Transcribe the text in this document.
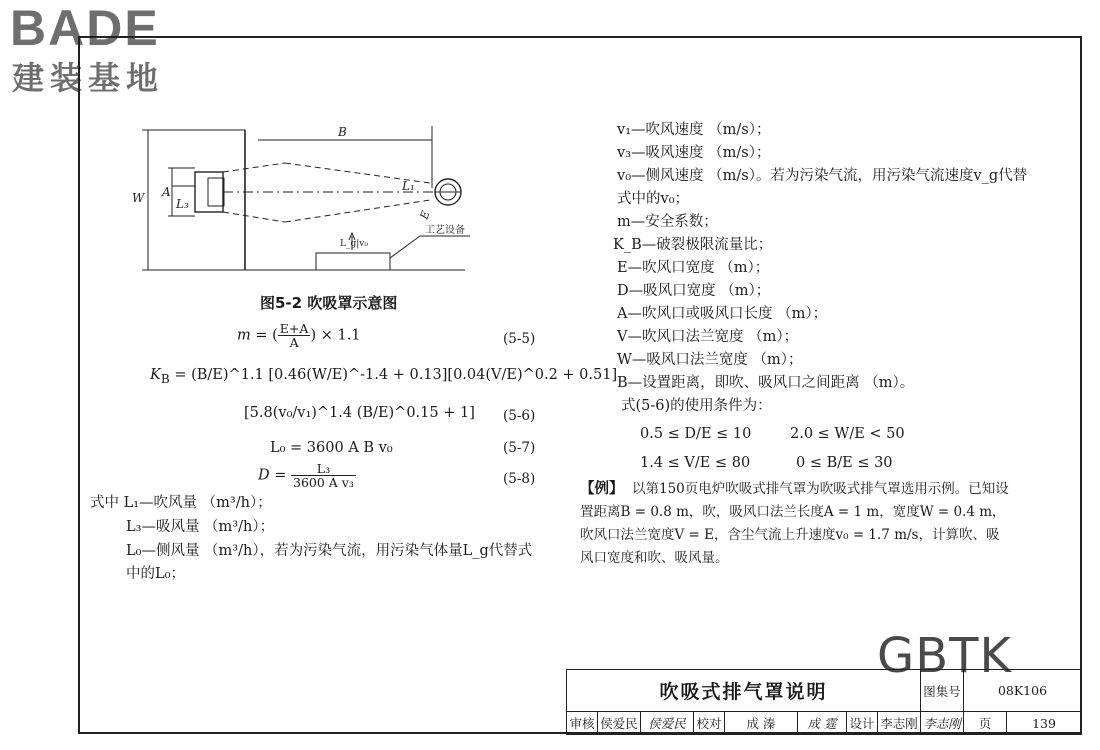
BADE
建装基地
W
B
A
L₃
L₁
E
L_g|v₀
工艺设备
图5-2 吹吸罩示意图
m = ( $\frac{E+A}{A}$ ) × 1.1	(5-5)
$K_B$ = (B/E)^1.1 [0.46(W/E)^-1.4 + 0.13][0.04(V/E)^0.2 + 0.51]
[5.8(v₀/v₁)^1.4 (B/E)^0.15 + 1] (5-6)
L₀ = 3600 A B v₀	(5-7)
$D = \frac{\text{L₃}}{\text{3600 A v₃}}$	(5-8)
式中 L₁—吹风量 （m³/h）；
L₃—吸风量 （m³/h）；
L₀—侧风量 （m³/h），若为污染气流，用污染气体量L_g代替式
中的L₀；
v₁—吹风速度 （m/s）；
v₃—吸风速度 （m/s）；
v₀—侧风速度 （m/s）。若为污染气流，用污染气流速度v_g代替
式中的v₀；
m—安全系数；
K_B—破裂极限流量比；
E—吹风口宽度 （m）；
D—吸风口宽度 （m）；
A—吹风口或吸风口长度 （m）；
V—吹风口法兰宽度 （m）；
W—吸风口法兰宽度 （m）；
B—设置距离，即吹、吸风口之间距离 （m）。
式(5-6)的使用条件为：
0.5 ≤ D/E ≤ 10	2.0 ≤ W/E < 50
1.4 ≤ V/E ≤ 80	0 ≤ B/E ≤ 30
【例】 以第150页电炉吹吸式排气罩为吹吸式排气罩选用示例。已知设
置距离B = 0.8 m，吹，吸风口法兰长度A = 1 m，宽度W = 0.4 m，
吹风口法兰宽度V = E，含尘气流上升速度v₀ = 1.7 m/s，计算吹、吸
风口宽度和吹、吸风量。
GBTK
吹吸式排气罩说明								图集号	08K106	
审核	侯爱民	侯爱民	校对	成 溱	成 霆	设计	李志刚	李志刚	页	139
